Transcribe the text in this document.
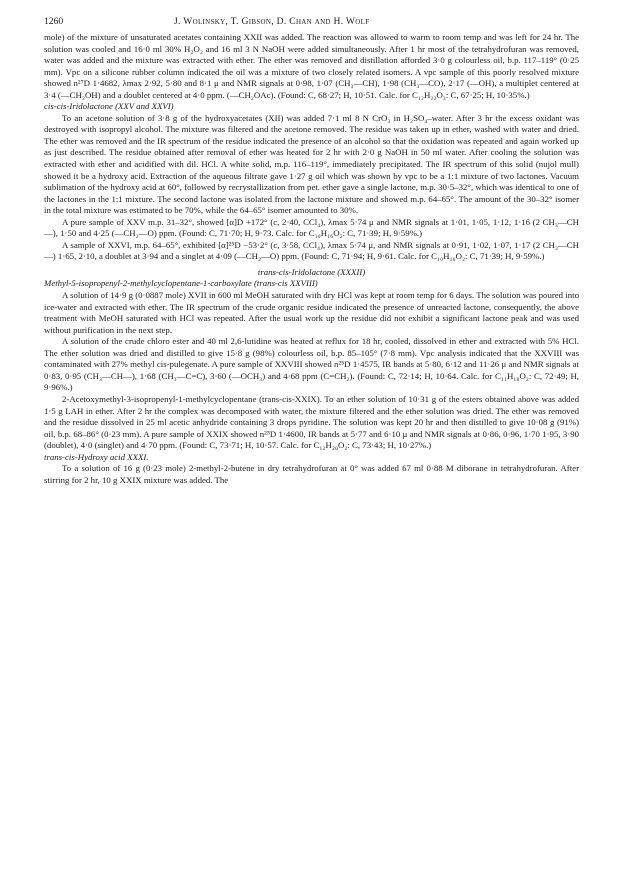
1260	J. Wolinsky, T. Gibson, D. Chan and H. Wolf

mole) of the mixture of unsaturated acetates containing XXII was added. The reaction was allowed to warm to room temp and was left for 24 hr. The solution was cooled and 16·0 ml 30% H₂O₂ and 16 ml 3 N NaOH were added simultaneously. After 1 hr most of the tetrahydrofuran was removed, water was added and the mixture was extracted with ether. The ether was removed and distillation afforded 3·0 g colourless oil, b.p. 117–119° (0·25 mm). Vpc on a silicone rubber column indicated the oil was a mixture of two closely related isomers. A vpc sample of this poorly resolved mixture showed n²⁷D 1·4682, λmax 2·92, 5·80 and 8·1 μ and NMR signals at 0·98, 1·07 (CH₃—CH), 1·98 (CH₃—CO), 2·17 (—OH), a multiplet centered at 3·4 (—CH₂OH) and a doublet centered at 4·0 ppm. (—CH₂OAc). (Found: C, 68·27; H, 10·51. Calc. for C₁₂H₂₂O₃: C, 67·25; H, 10·35%.)

cis-cis-Iridolactone (XXV and XXVI)

To an acetone solution of 3·8 g of the hydroxyacetates (XII) was added 7·1 ml 8 N CrO₃ in H₂SO₄–water. After 3 hr the excess oxidant was destroyed with isopropyl alcohol. The mixture was filtered and the acetone removed. The residue was taken up in ether, washed with water and dried. The ether was removed and the IR spectrum of the residue indicated the presence of an alcohol so that the oxidation was repeated and again worked up as just described. The residue obtained after removal of ether was heated for 2 hr with 2·0 g NaOH in 50 ml water. After cooling the solution was extracted with ether and acidified with dil. HCl. A white solid, m.p. 116–119°, immediately precipitated. The IR spectrum of this solid (nujol mull) showed it be a hydroxy acid. Extraction of the aqueous filtrate gave 1·27 g oil which was shown by vpc to be a 1:1 mixture of two lactones. Vacuum sublimation of the hydroxy acid at 60°, followed by recrystallization from pet. ether gave a single lactone, m.p. 30·5–32°, which was identical to one of the lactones in the 1:1 mixture. The second lactone was isolated from the lactone mixture and showed m.p. 64–65°. The amount of the 30–32° isomer in the total mixture was estimated to be 70%, while the 64–65° isomer amounted to 30%.

A pure sample of XXV m.p. 31–32°, showed [α]D +172° (c, 2·40, CCl₄), λmax 5·74 μ and NMR signals at 1·01, 1·05, 1·12, 1·16 (2 CH₃—CH—), 1·50 and 4·25 (—CH₂—O) ppm. (Found: C, 71·70; H, 9·73. Calc. for C₁₀H₁₆O₂: C, 71·39; H, 9·59%.)

A sample of XXVI, m.p. 64–65°, exhibited [α]²⁵D −53·2° (c, 3·58, CCl₄), λmax 5·74 μ, and NMR signals at 0·91, 1·02, 1·07, 1·17 (2 CH₃—CH—) 1·65, 2·10, a doublet at 3·94 and a singlet at 4·09 (—CH₂—O) ppm. (Found: C, 71·94; H, 9·61. Calc. for C₁₀H₁₆O₂: C, 71·39; H, 9·59%.)

trans-cis-Iridolactone (XXXII)

Methyl-5-isopropenyl-2-methylcyclopentane-1-carboxylate (trans-cis XXVIII)

A solution of 14·9 g (0·0887 mole) XVII in 600 ml MeOH saturated with dry HCl was kept at room temp for 6 days. The solution was poured into ice-water and extracted with ether. The IR spectrum of the crude organic residue indicated the presence of unreacted lactone, consequently, the above treatment with MeOH saturated with HCl was repeated. After the usual work up the residue did not exhibit a significant lactone peak and was used without purification in the next step.

A solution of the crude chloro ester and 40 ml 2,6-lutidine was heated at reflux for 18 hr, cooled, dissolved in ether and extracted with 5% HCl. The ether solution was dried and distilled to give 15·8 g (98%) colourless oil, b.p. 85–105° (7·8 mm). Vpc analysis indicated that the XXVIII was contaminated with 27% methyl cis-pulegenate. A pure sample of XXVIII showed n²⁵D 1·4575, IR bands at 5·80, 6·12 and 11·26 μ and NMR signals at 0·83, 0·95 (CH₃—CH—), 1·68 (CH₃—C=C), 3·60 (—OCH₃) and 4·68 ppm (C=CH₂). (Found: C, 72·14; H, 10·64. Calc. for C₁₁H₁₈O₂: C, 72·49; H, 9·96%.)

2-Acetoxymethyl-3-isopropenyl-1-methylcyclopentane (trans-cis-XXIX). To an ether solution of 10·31 g of the esters obtained above was added 1·5 g LAH in ether. After 2 hr the complex was decomposed with water, the mixture filtered and the ether solution was dried. The ether was removed and the residue dissolved in 25 ml acetic anhydride containing 3 drops pyridine. The solution was kept 20 hr and then distilled to give 10·08 g (91%) oil, b.p. 68–86° (0·23 mm). A pure sample of XXIX showed n²⁵D 1·4600, IR bands at 5·77 and 6·10 μ and NMR signals at 0·86, 0·96, 1·70 1·95, 3·90 (doublet), 4·0 (singlet) and 4·70 ppm. (Found: C, 73·71; H, 10·57. Calc. for C₁₂H₂₀O₂: C, 73·43; H, 10·27%.)

trans-cis-Hydroxy acid XXXI.

To a solution of 16 g (0·23 mole) 2-methyl-2-butene in dry tetrahydrofuran at 0° was added 67 ml 0·88 M diborane in tetrahydrofuran. After stirring for 2 hr, 10 g XXIX mixture was added. The
